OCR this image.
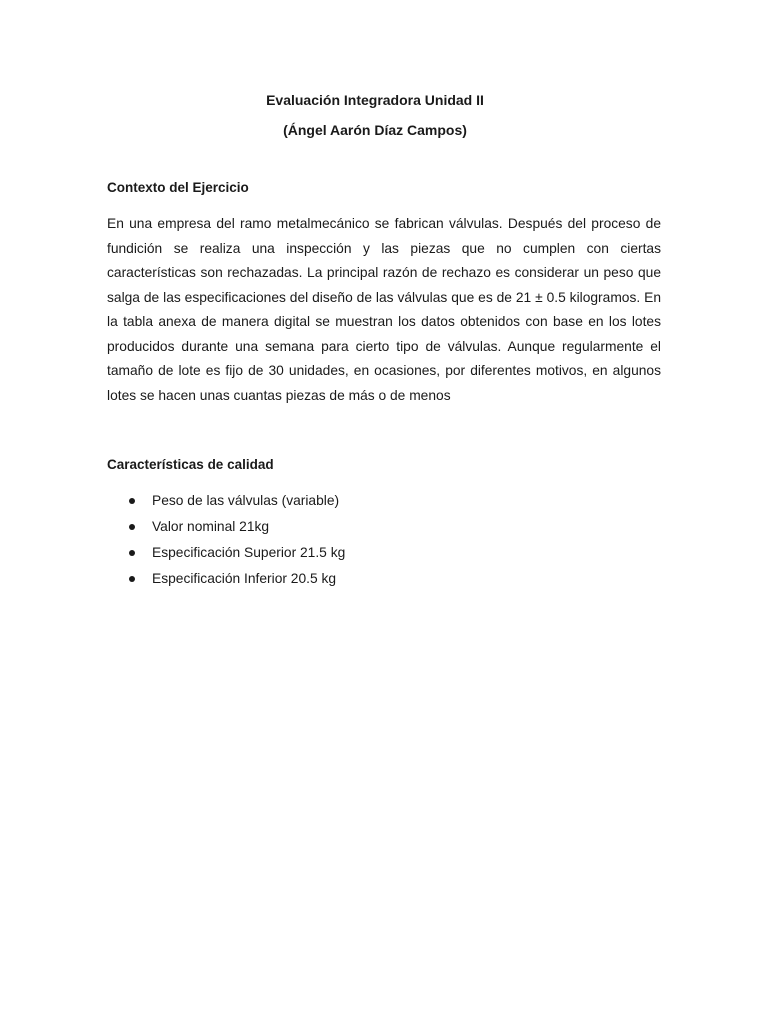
Evaluación Integradora Unidad II
(Ángel Aarón Díaz Campos)
Contexto del Ejercicio

En una empresa del ramo metalmecánico se fabrican válvulas. Después del proceso de fundición se realiza una inspección y las piezas que no cumplen con ciertas características son rechazadas. La principal razón de rechazo es considerar un peso que salga de las especificaciones del diseño de las válvulas que es de 21 ± 0.5 kilogramos. En la tabla anexa de manera digital se muestran los datos obtenidos con base en los lotes producidos durante una semana para cierto tipo de válvulas. Aunque regularmente el tamaño de lote es fijo de 30 unidades, en ocasiones, por diferentes motivos, en algunos lotes se hacen unas cuantas piezas de más o de menos

Características de calidad
Peso de las válvulas (variable)
Valor nominal 21kg
Especificación Superior 21.5 kg
Especificación Inferior 20.5 kg
